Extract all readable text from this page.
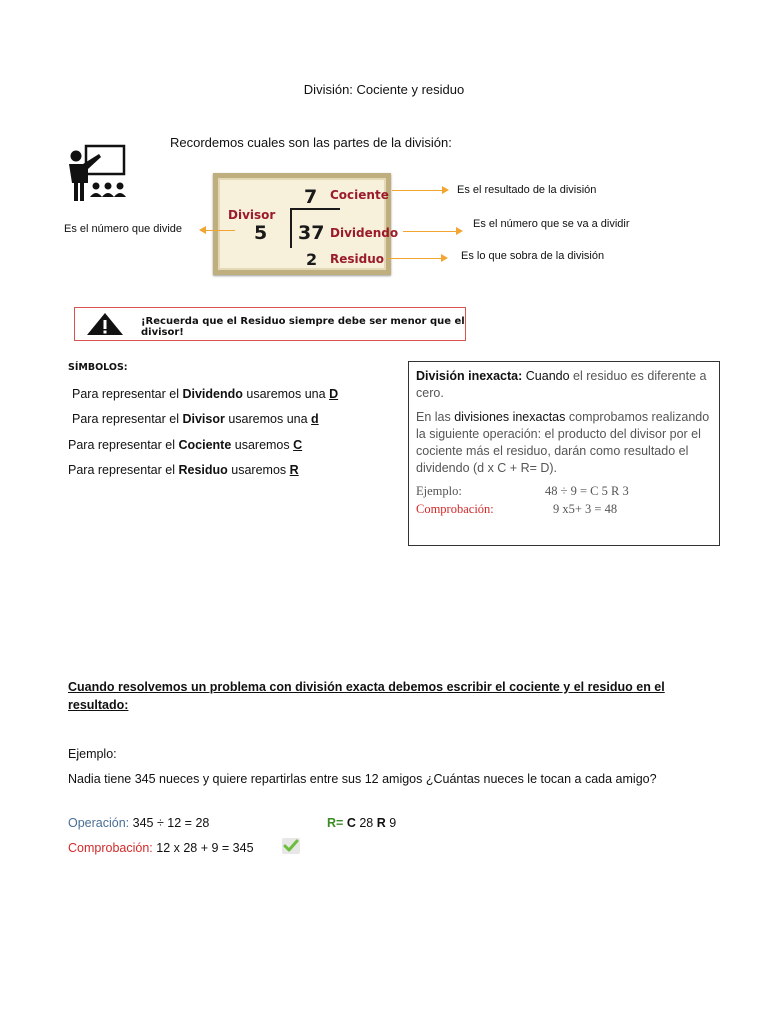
División: Cociente y residuo
Recordemos cuales son las partes de la división:
7 Cociente
Divisor
5 37 Dividendo
2 Residuo
Es el número que divide
Es el resultado de la división
Es el número que se va a dividir
Es lo que sobra de la división
¡Recuerda que el Residuo siempre debe ser menor que el divisor!
SÍMBOLOS:
Para representar el Dividendo usaremos una D
Para representar el Divisor usaremos una d
Para representar el Cociente usaremos C
Para representar el Residuo usaremos R

División inexacta: Cuando el residuo es diferente a cero.

En las divisiones inexactas comprobamos realizando la siguiente operación: el producto del divisor por el cociente más el residuo, darán como resultado el dividendo (d x C + R= D).

Ejemplo:	48 ÷ 9 = C 5 R 3
Comprobación:	9 x5+ 3 = 48
Cuando resolvemos un problema con división exacta debemos escribir el cociente y el residuo en el resultado:
Ejemplo:
Nadia tiene 345 nueces y quiere repartirlas entre sus 12 amigos ¿Cuántas nueces le tocan a cada amigo?
Operación: 345 ÷ 12 = 28	R= C 28 R 9
Comprobación: 12 x 28 + 9 = 345
